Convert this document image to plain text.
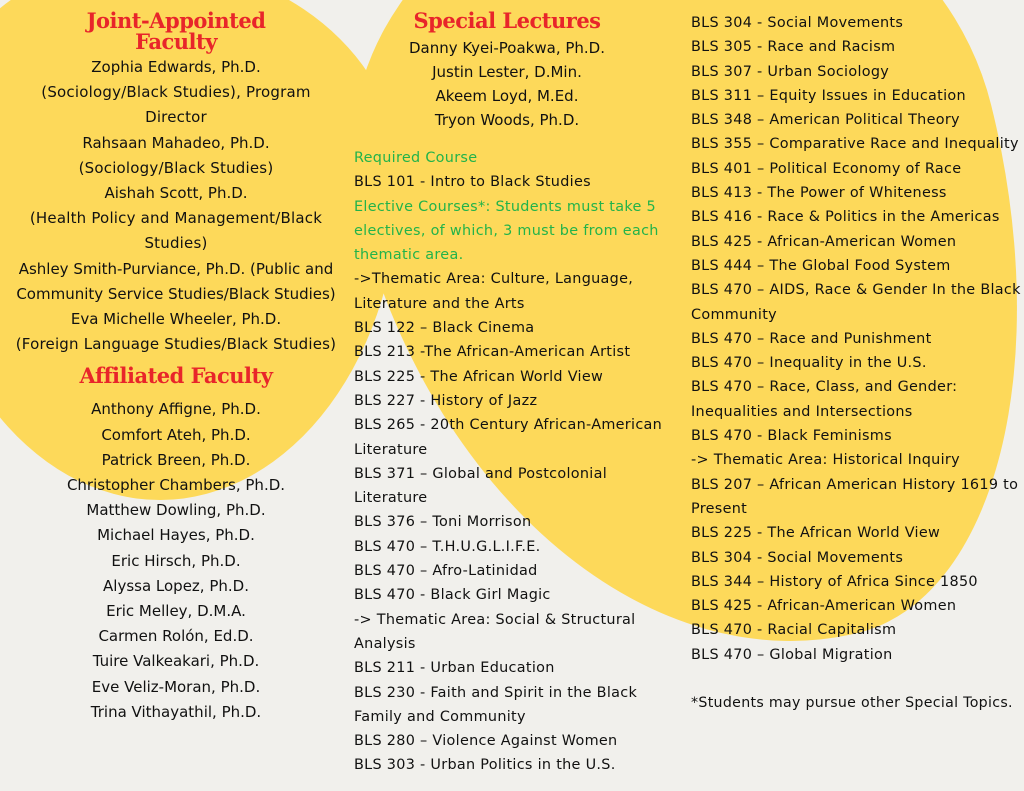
Joint-Appointed
Faculty
Zophia Edwards, Ph.D.
(Sociology/Black Studies), Program Director
Rahsaan Mahadeo, Ph.D.
(Sociology/Black Studies)
Aishah Scott, Ph.D.
(Health Policy and Management/Black Studies)
Ashley Smith-Purviance, Ph.D. (Public and Community Service Studies/Black Studies)
Eva Michelle Wheeler, Ph.D.
(Foreign Language Studies/Black Studies)
Affiliated Faculty
Anthony Affigne, Ph.D.
Comfort Ateh, Ph.D.
Patrick Breen, Ph.D.
Christopher Chambers, Ph.D.
Matthew Dowling, Ph.D.
Michael Hayes, Ph.D.
Eric Hirsch, Ph.D.
Alyssa Lopez, Ph.D.
Eric Melley, D.M.A.
Carmen Rolón, Ed.D.
Tuire Valkeakari, Ph.D.
Eve Veliz-Moran, Ph.D.
Trina Vithayathil, Ph.D.
Special Lectures
Danny Kyei-Poakwa, Ph.D.
Justin Lester, D.Min.
Akeem Loyd, M.Ed.
Tryon Woods, Ph.D.
Required Course
BLS 101 - Intro to Black Studies
Elective Courses*: Students must take 5 electives, of which, 3 must be from each thematic area.
->Thematic Area: Culture, Language, Literature and the Arts
BLS 122 – Black Cinema
BLS 213 -The African-American Artist
BLS 225 - The African World View
BLS 227 - History of Jazz
BLS 265 - 20th Century African-American Literature
BLS 371 – Global and Postcolonial Literature
BLS 376 – Toni Morrison
BLS 470 – T.H.U.G.L.I.F.E.
BLS 470 – Afro-Latinidad
BLS 470 - Black Girl Magic
-> Thematic Area: Social & Structural Analysis
BLS 211 - Urban Education
BLS 230 - Faith and Spirit in the Black Family and Community
BLS 280 – Violence Against Women
BLS 303 - Urban Politics in the U.S.
BLS 304 - Social Movements
BLS 305 - Race and Racism
BLS 307 - Urban Sociology
BLS 311 – Equity Issues in Education
BLS 348 – American Political Theory
BLS 355 – Comparative Race and Inequality
BLS 401 – Political Economy of Race
BLS 413 - The Power of Whiteness
BLS 416 - Race & Politics in the Americas
BLS 425 - African-American Women
BLS 444 – The Global Food System
BLS 470 – AIDS, Race & Gender In the Black Community
BLS 470 – Race and Punishment
BLS 470 – Inequality in the U.S.
BLS 470 – Race, Class, and Gender: Inequalities and Intersections
BLS 470 - Black Feminisms
-> Thematic Area: Historical Inquiry
BLS 207 – African American History 1619 to Present
BLS 225 - The African World View
BLS 304 - Social Movements
BLS 344 – History of Africa Since 1850
BLS 425 - African-American Women
BLS 470 - Racial Capitalism
BLS 470 – Global Migration
*Students may pursue other Special Topics.
